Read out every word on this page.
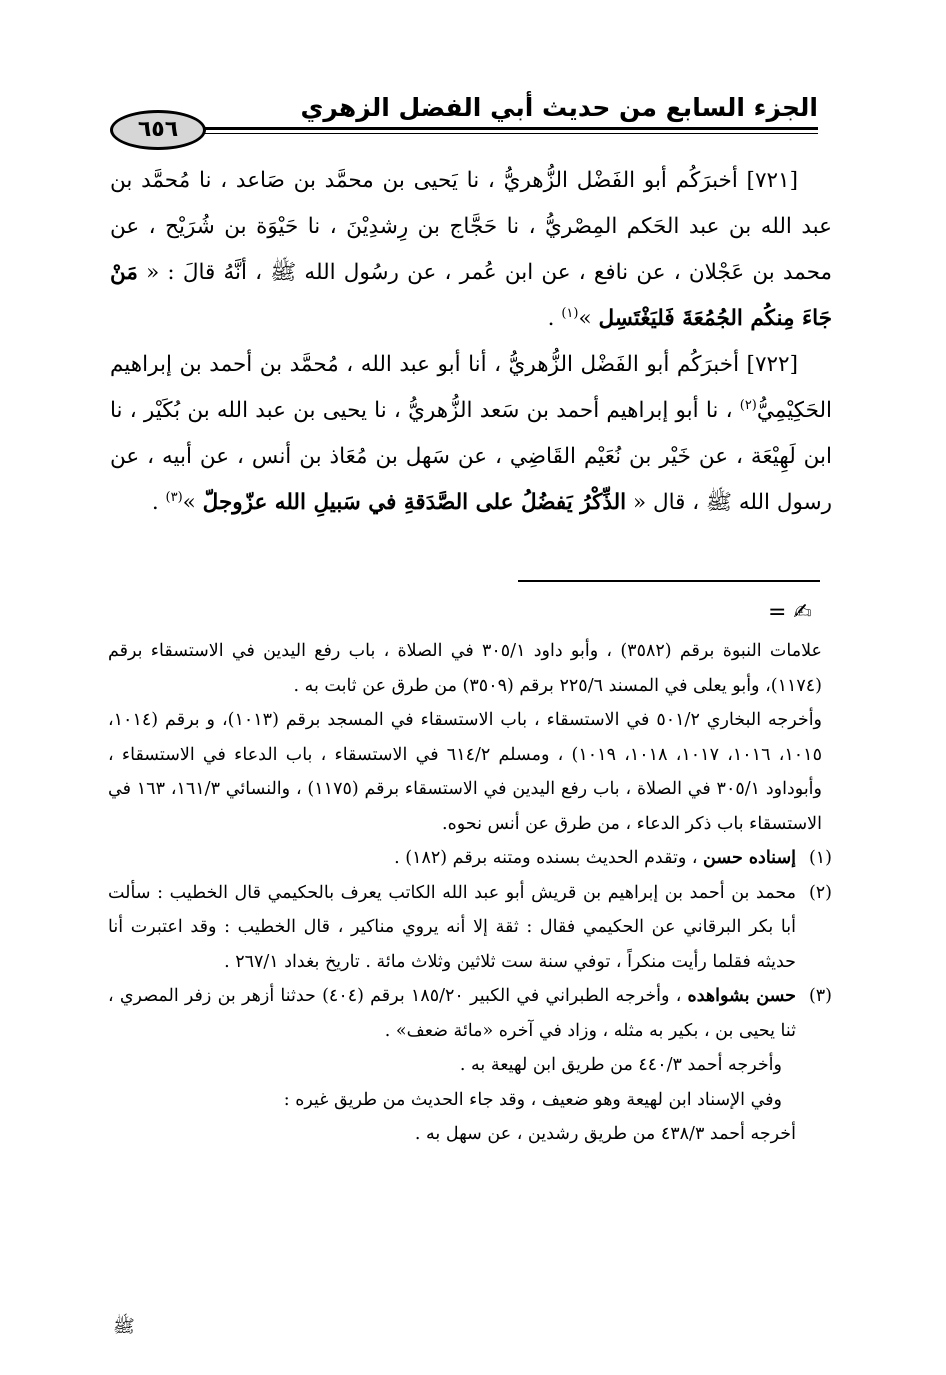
الجزء السابع من حديث أبي الفضل الزهري
٦٥٦

[٧٢١] أخبرَكُم أبو الفَضْل الزُّهريُّ ، نا يَحيى بن محمَّد بن صَاعد ، نا مُحمَّد بن عبد الله بن عبد الحَكم المِصْريُّ ، نا حَجَّاج بن رِشدِيْنَ ، نا حَيْوَة بن شُرَيْح ، عن محمد بن عَجْلان ، عن نافع ، عن ابن عُمر ، عن رسُول الله ﷺ ، أنَّهُ قالَ : « مَنْ جَاءَ مِنكُم الجُمُعَةَ فَليَغْتَسِل »$^{(١)}$ .

[٧٢٢] أخبرَكُم أبو الفَضْل الزُّهريُّ ، أنا أبو عبد الله ، مُحمَّد بن أحمد بن إبراهيم الحَكِيْمِيُّ$^{(٢)}$ ، نا أبو إبراهيم أحمد بن سَعد الزُّهريُّ ، نا يحيى بن عبد الله بن بُكَيْر ، نا ابن لَهِيْعَة ، عن خَيْر بن نُعَيْم القَاضِي ، عن سَهل بن مُعَاذ بن أنس ، عن أبيه ، عن رسول الله ﷺ ، قال « الذِّكْرُ يَفضُلُ على الصَّدَقةِ في سَبيلِ الله عزّوجلّ »$^{(٣)}$ .

= ✍

علامات النبوة برقم (٣٥٨٢) ، وأبو داود ٣٠٥/١ في الصلاة ، باب رفع اليدين في الاستسقاء برقم (١١٧٤)، وأبو يعلى في المسند ٢٢٥/٦ برقم (٣٥٠٩) من طرق عن ثابت به .

وأخرجه البخاري ٥٠١/٢ في الاستسقاء ، باب الاستسقاء في المسجد برقم (١٠١٣)، و برقم (١٠١٤، ١٠١٥، ١٠١٦، ١٠١٧، ١٠١٨، ١٠١٩) ، ومسلم ٦١٤/٢ في الاستسقاء ، باب الدعاء في الاستسقاء ، وأبوداود ٣٠٥/١ في الصلاة ، باب رفع اليدين في الاستسقاء برقم (١١٧٥) ، والنسائي ١٦١/٣، ١٦٣ في الاستسقاء باب ذكر الدعاء ، من طرق عن أنس نحوه.

(١)

إسناده حسن ، وتقدم الحديث بسنده ومتنه برقم (١٨٢) .

(٢)

محمد بن أحمد بن إبراهيم بن قريش أبو عبد الله الكاتب يعرف بالحكيمي قال الخطيب : سألت أبا بكر البرقاني عن الحكيمي فقال : ثقة إلا أنه يروي مناكير ، قال الخطيب : وقد اعتبرت أنا حديثه فقلما رأيت منكراً ، توفي سنة ست ثلاثين وثلاث مائة . تاريخ بغداد ٢٦٧/١ .

(٣)

حسن بشواهده ، وأخرجه الطبراني في الكبير ١٨٥/٢٠ برقم (٤٠٤) حدثنا أزهر بن زفر المصري ، ثنا يحيى بن ، بكير به مثله ، وزاد في آخره «مائة ضعف» .

وأخرجه أحمد ٤٤٠/٣ من طريق ابن لهيعة به .

وفي الإسناد ابن لهيعة وهو ضعيف ، وقد جاء الحديث من طريق غيره :

أخرجه أحمد ٤٣٨/٣ من طريق رشدين ، عن سهل به .

ﷺ
